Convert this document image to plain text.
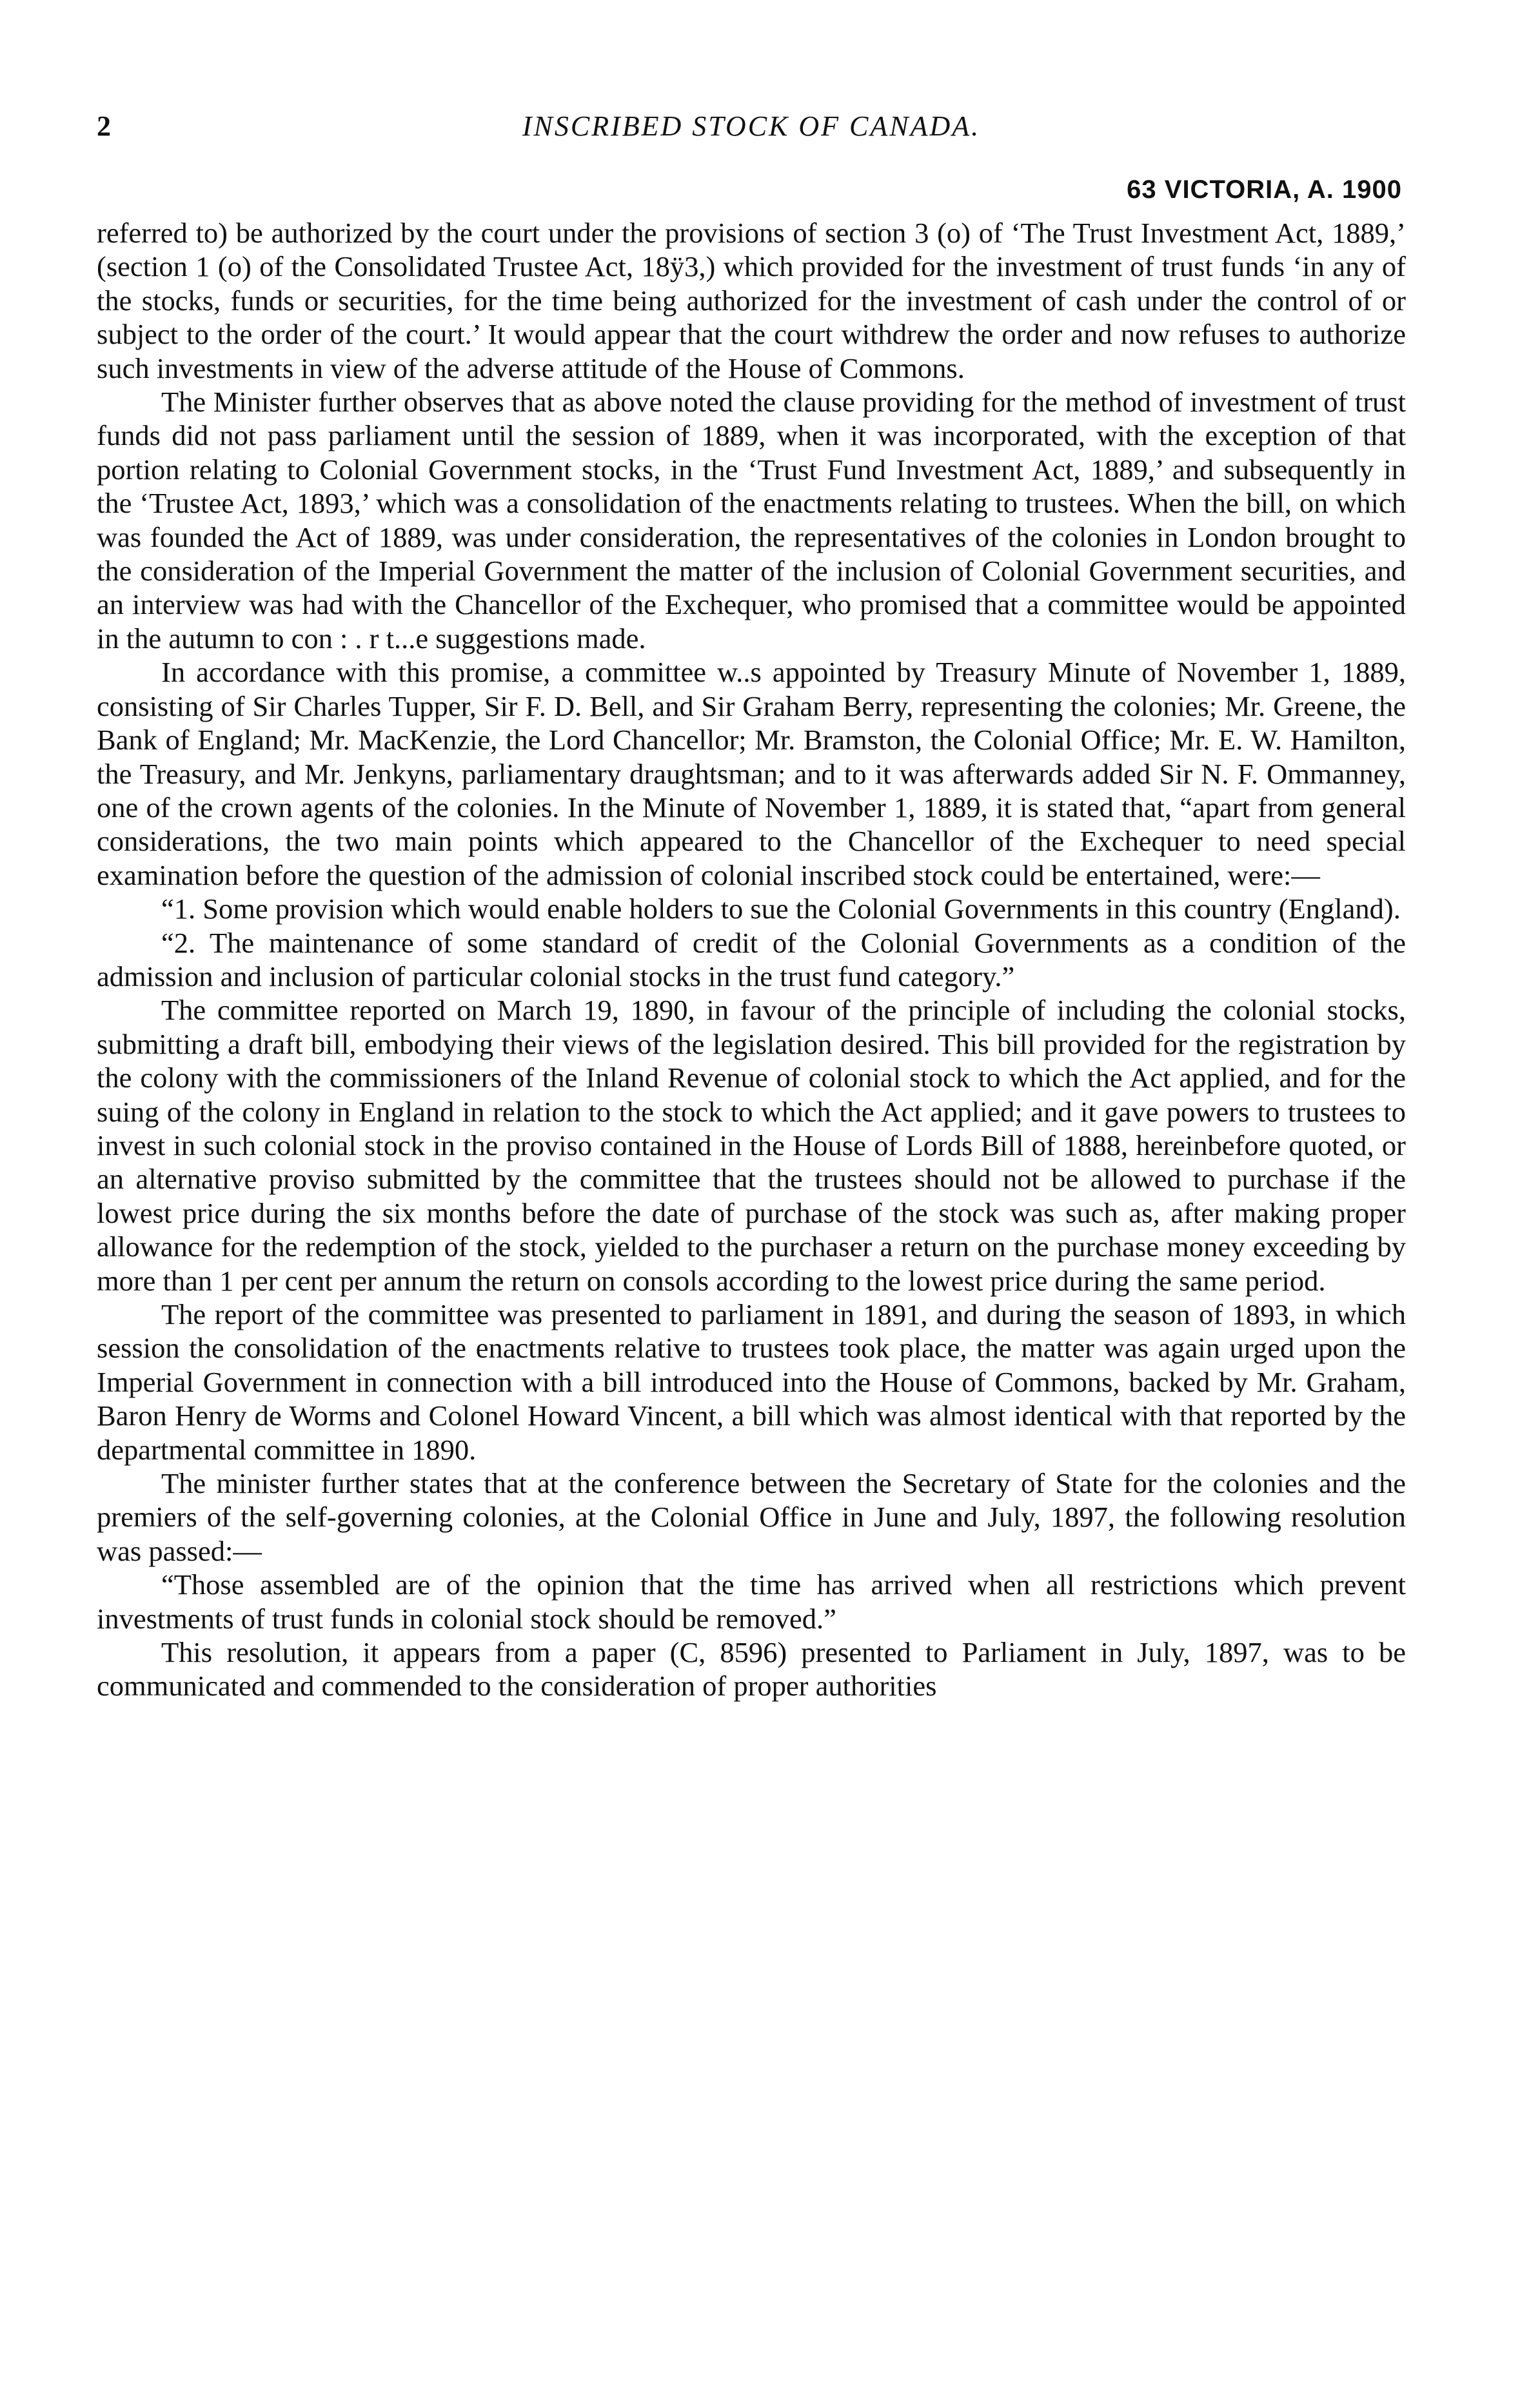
2	INSCRIBED STOCK OF CANADA.
63 VICTORIA, A. 1900

referred to) be authorized by the court under the provisions of section 3 (o) of ‘The Trust Investment Act, 1889,’ (section 1 (o) of the Consolidated Trustee Act, 18ÿ3,) which provided for the investment of trust funds ‘in any of the stocks, funds or securities, for the time being authorized for the investment of cash under the control of or subject to the order of the court.’ It would appear that the court withdrew the order and now refuses to authorize such investments in view of the adverse attitude of the House of Commons.

The Minister further observes that as above noted the clause providing for the method of investment of trust funds did not pass parliament until the session of 1889, when it was incorporated, with the exception of that portion relating to Colonial Government stocks, in the ‘Trust Fund Investment Act, 1889,’ and subsequently in the ‘Trustee Act, 1893,’ which was a consolidation of the enactments relating to trustees. When the bill, on which was founded the Act of 1889, was under consideration, the representatives of the colonies in London brought to the consideration of the Imperial Government the matter of the inclusion of Colonial Government securities, and an interview was had with the Chancellor of the Exchequer, who promised that a committee would be appointed in the autumn to con : . r t...e suggestions made.

In accordance with this promise, a committee w..s appointed by Treasury Minute of November 1, 1889, consisting of Sir Charles Tupper, Sir F. D. Bell, and Sir Graham Berry, representing the colonies; Mr. Greene, the Bank of England; Mr. MacKenzie, the Lord Chancellor; Mr. Bramston, the Colonial Office; Mr. E. W. Hamilton, the Treasury, and Mr. Jenkyns, parliamentary draughtsman; and to it was afterwards added Sir N. F. Ommanney, one of the crown agents of the colonies. In the Minute of November 1, 1889, it is stated that, “apart from general considerations, the two main points which appeared to the Chancellor of the Exchequer to need special examination before the question of the admission of colonial inscribed stock could be entertained, were:—

“1. Some provision which would enable holders to sue the Colonial Governments in this country (England).

“2. The maintenance of some standard of credit of the Colonial Governments as a condition of the admission and inclusion of particular colonial stocks in the trust fund category.”

The committee reported on March 19, 1890, in favour of the principle of including the colonial stocks, submitting a draft bill, embodying their views of the legislation desired. This bill provided for the registration by the colony with the commissioners of the Inland Revenue of colonial stock to which the Act applied, and for the suing of the colony in England in relation to the stock to which the Act applied; and it gave powers to trustees to invest in such colonial stock in the proviso contained in the House of Lords Bill of 1888, hereinbefore quoted, or an alternative proviso submitted by the committee that the trustees should not be allowed to purchase if the lowest price during the six months before the date of purchase of the stock was such as, after making proper allowance for the redemption of the stock, yielded to the purchaser a return on the purchase money exceeding by more than 1 per cent per annum the return on consols according to the lowest price during the same period.

The report of the committee was presented to parliament in 1891, and during the season of 1893, in which session the consolidation of the enactments relative to trustees took place, the matter was again urged upon the Imperial Government in connection with a bill introduced into the House of Commons, backed by Mr. Graham, Baron Henry de Worms and Colonel Howard Vincent, a bill which was almost identical with that reported by the departmental committee in 1890.

The minister further states that at the conference between the Secretary of State for the colonies and the premiers of the self-governing colonies, at the Colonial Office in June and July, 1897, the following resolution was passed:—

“Those assembled are of the opinion that the time has arrived when all restrictions which prevent investments of trust funds in colonial stock should be removed.”

This resolution, it appears from a paper (C, 8596) presented to Parliament in July, 1897, was to be communicated and commended to the consideration of proper authorities
